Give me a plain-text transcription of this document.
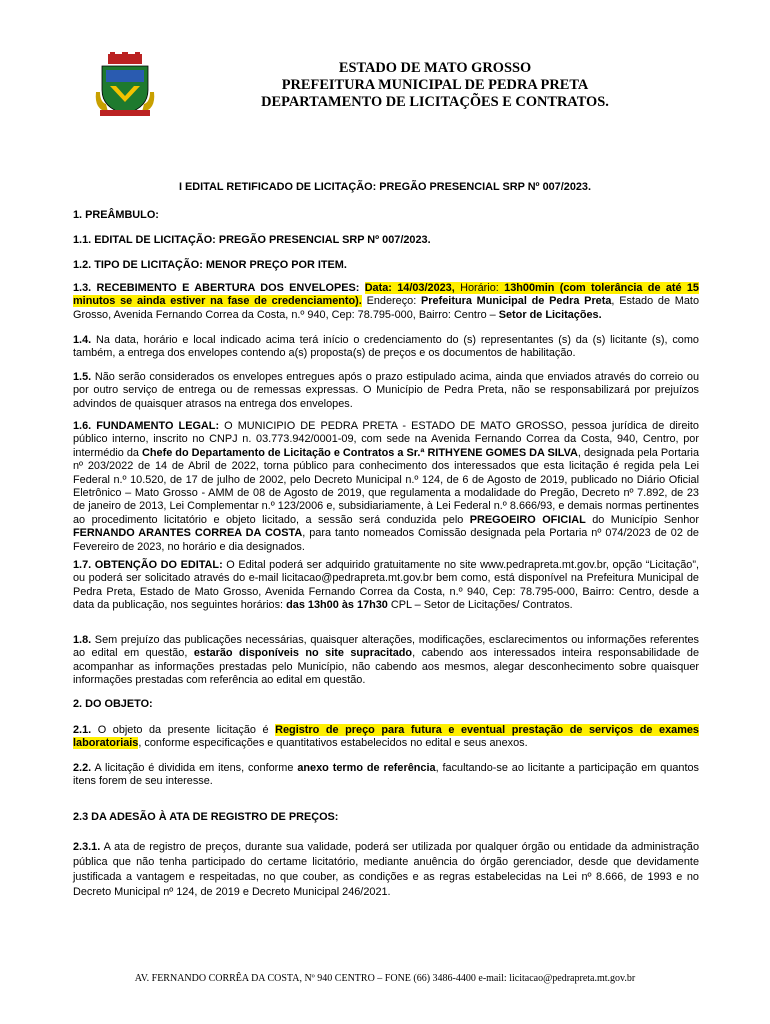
ESTADO DE MATO GROSSO
PREFEITURA MUNICIPAL DE PEDRA PRETA
DEPARTAMENTO DE LICITAÇÕES E CONTRATOS.
I EDITAL RETIFICADO DE LICITAÇÃO: PREGÃO PRESENCIAL SRP Nº 007/2023.
1. PREÂMBULO:
1.1. EDITAL DE LICITAÇÃO: PREGÃO PRESENCIAL SRP Nº 007/2023.
1.2. TIPO DE LICITAÇÃO: MENOR PREÇO POR ITEM.
1.3. RECEBIMENTO E ABERTURA DOS ENVELOPES: Data: 14/03/2023, Horário: 13h00min (com tolerância de até 15 minutos se ainda estiver na fase de credenciamento). Endereço: Prefeitura Municipal de Pedra Preta, Estado de Mato Grosso, Avenida Fernando Correa da Costa, n.º 940, Cep: 78.795-000, Bairro: Centro – Setor de Licitações.
1.4. Na data, horário e local indicado acima terá início o credenciamento do (s) representantes (s) da (s) licitante (s), como também, a entrega dos envelopes contendo a(s) proposta(s) de preços e os documentos de habilitação.
1.5. Não serão considerados os envelopes entregues após o prazo estipulado acima, ainda que enviados através do correio ou por outro serviço de entrega ou de remessas expressas. O Município de Pedra Preta, não se responsabilizará por prejuízos advindos de quaisquer atrasos na entrega dos envelopes.
1.6. FUNDAMENTO LEGAL: O MUNICIPIO DE PEDRA PRETA - ESTADO DE MATO GROSSO, pessoa jurídica de direito público interno, inscrito no CNPJ n. 03.773.942/0001-09, com sede na Avenida Fernando Correa da Costa, 940, Centro, por intermédio da Chefe do Departamento de Licitação e Contratos a Sr.ª RITHYENE GOMES DA SILVA, designada pela Portaria nº 203/2022 de 14 de Abril de 2022, torna público para conhecimento dos interessados que esta licitação é regida pela Lei Federal n.º 10.520, de 17 de julho de 2002, pelo Decreto Municipal n.º 124, de 6 de Agosto de 2019, publicado no Diário Oficial Eletrônico – Mato Grosso - AMM de 08 de Agosto de 2019, que regulamenta a modalidade do Pregão, Decreto nº 7.892, de 23 de janeiro de 2013, Lei Complementar n.º 123/2006 e, subsidiariamente, à Lei Federal n.º 8.666/93, e demais normas pertinentes ao procedimento licitatório e objeto licitado, a sessão será conduzida pelo PREGOEIRO OFICIAL do Município Senhor FERNANDO ARANTES CORREA DA COSTA, para tanto nomeados Comissão designada pela Portaria nº 074/2023 de 02 de Fevereiro de 2023, no horário e dia designados.
1.7. OBTENÇÃO DO EDITAL: O Edital poderá ser adquirido gratuitamente no site www.pedrapreta.mt.gov.br, opção “Licitação”, ou poderá ser solicitado através do e-mail licitacao@pedrapreta.mt.gov.br bem como, está disponível na Prefeitura Municipal de Pedra Preta, Estado de Mato Grosso, Avenida Fernando Correa da Costa, n.º 940, Cep: 78.795-000, Bairro: Centro, desde a data da publicação, nos seguintes horários: das 13h00 às 17h30 CPL – Setor de Licitações/ Contratos.
1.8. Sem prejuízo das publicações necessárias, quaisquer alterações, modificações, esclarecimentos ou informações referentes ao edital em questão, estarão disponíveis no site supracitado, cabendo aos interessados inteira responsabilidade de acompanhar as informações prestadas pelo Município, não cabendo aos mesmos, alegar desconhecimento sobre quaisquer informações prestadas com referência ao edital em questão.
2. DO OBJETO:
2.1. O objeto da presente licitação é Registro de preço para futura e eventual prestação de serviços de exames laboratoriais, conforme especificações e quantitativos estabelecidos no edital e seus anexos.
2.2. A licitação é dividida em itens, conforme anexo termo de referência, facultando-se ao licitante a participação em quantos itens forem de seu interesse.
2.3 DA ADESÃO À ATA DE REGISTRO DE PREÇOS:
2.3.1. A ata de registro de preços, durante sua validade, poderá ser utilizada por qualquer órgão ou entidade da administração pública que não tenha participado do certame licitatório, mediante anuência do órgão gerenciador, desde que devidamente justificada a vantagem e respeitadas, no que couber, as condições e as regras estabelecidas na Lei nº 8.666, de 1993 e no Decreto Municipal nº 124, de 2019 e Decreto Municipal 246/2021.
AV. FERNANDO CORRÊA DA COSTA, Nº 940 CENTRO – FONE (66) 3486-4400 e-mail: licitacao@pedrapreta.mt.gov.br
